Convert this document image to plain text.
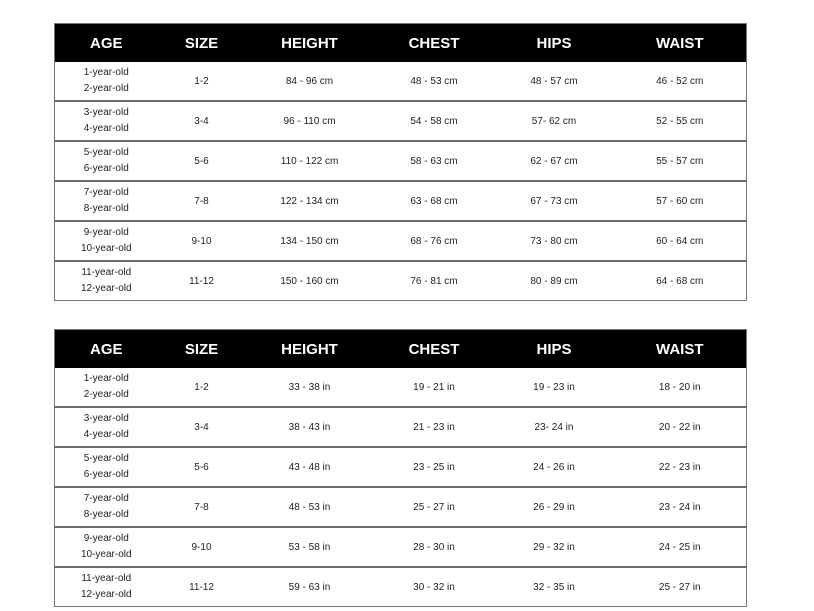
AGE	SIZE	HEIGHT	CHEST	HIPS	WAIST

1-year-old
2-year-old	1-2	84 - 96 cm	48 - 53 cm	48 - 57 cm	46 - 52 cm

3-year-old
4-year-old	3-4	96 - 110 cm	54 - 58 cm	57- 62 cm	52 - 55 cm

5-year-old
6-year-old	5-6	110 - 122 cm	58 - 63 cm	62 - 67 cm	55 - 57 cm

7-year-old
8-year-old	7-8	122 - 134 cm	63 - 68 cm	67 - 73 cm	57 - 60 cm

9-year-old
10-year-old	9-10	134 - 150 cm	68 - 76 cm	73 - 80 cm	60 - 64 cm

11-year-old
12-year-old	11-12	150 - 160 cm	76 - 81 cm	80 - 89 cm	64 - 68 cm
AGE	SIZE	HEIGHT	CHEST	HIPS	WAIST

1-year-old
2-year-old	1-2	33 - 38 in	19 - 21 in	19 - 23 in	18 - 20 in

3-year-old
4-year-old	3-4	38 - 43 in	21 - 23 in	23- 24 in	20 - 22 in

5-year-old
6-year-old	5-6	43 - 48 in	23 - 25 in	24 - 26 in	22 - 23 in

7-year-old
8-year-old	7-8	48 - 53 in	25 - 27 in	26 - 29 in	23 - 24 in

9-year-old
10-year-old	9-10	53 - 58 in	28 - 30 in	29 - 32 in	24 - 25 in

11-year-old
12-year-old	11-12	59 - 63 in	30 - 32 in	32 - 35 in	25 - 27 in
